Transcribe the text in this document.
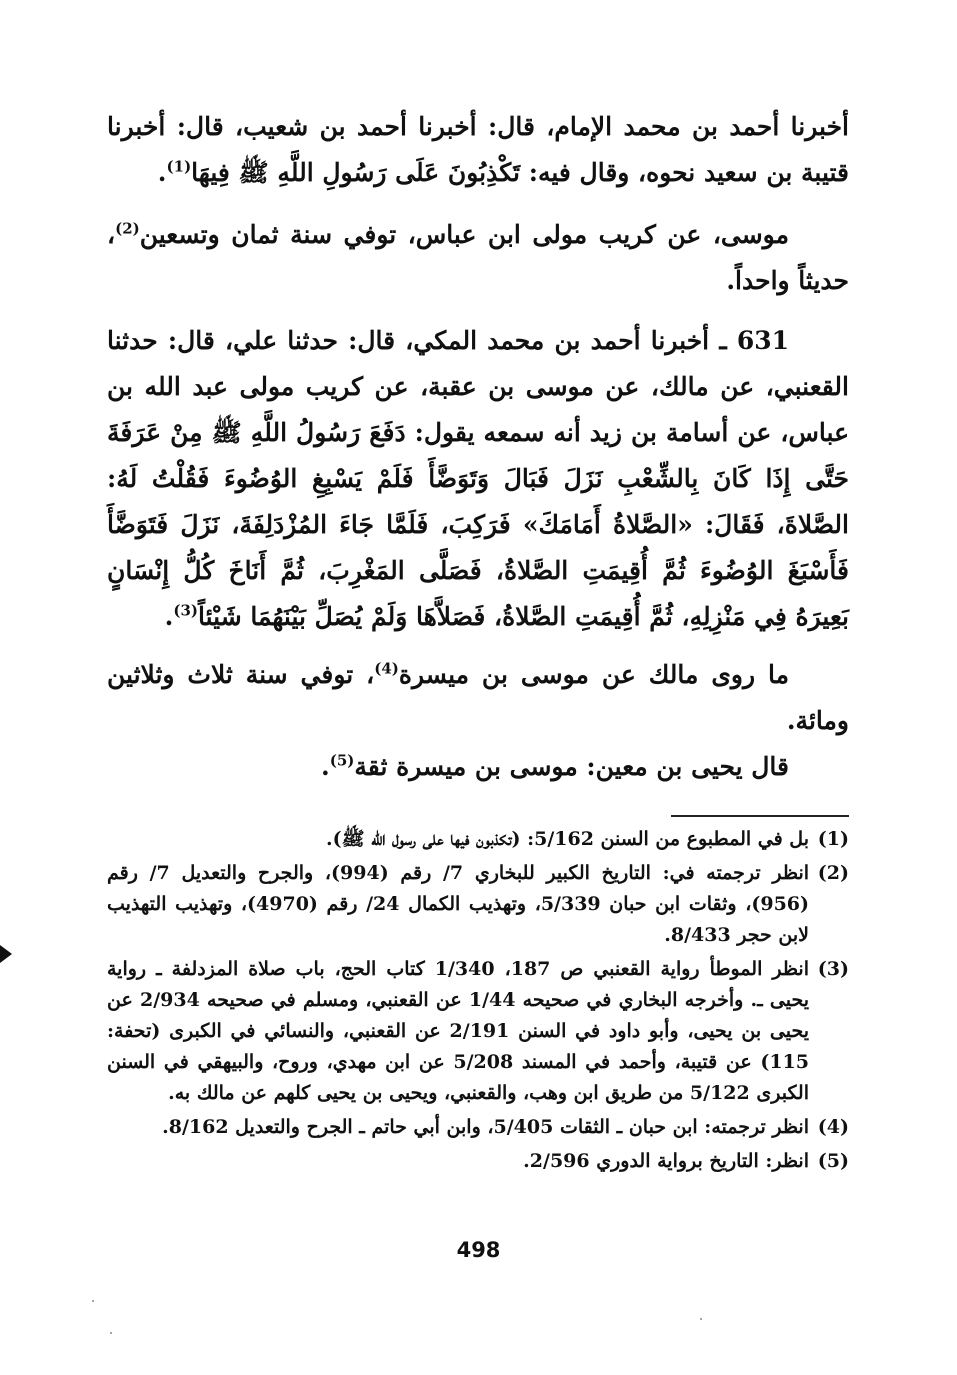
أخبرنا أحمد بن محمد الإمام، قال: أخبرنا أحمد بن شعيب، قال: أخبرنا قتيبة بن سعيد نحوه، وقال فيه: تَكْذِبُونَ عَلَى رَسُولِ اللَّهِ ﷺ فِيهَا$^{(1)}$.

موسى، عن كريب مولى ابن عباس، توفي سنة ثمان وتسعين$^{(2)}$، حديثاً واحداً.

631 ـ أخبرنا أحمد بن محمد المكي، قال: حدثنا علي، قال: حدثنا القعنبي، عن مالك، عن موسى بن عقبة، عن كريب مولى عبد الله بن عباس، عن أسامة بن زيد أنه سمعه يقول: دَفَعَ رَسُولُ اللَّهِ ﷺ مِنْ عَرَفَةَ حَتَّى إِذَا كَانَ بِالشِّعْبِ نَزَلَ فَبَالَ وَتَوَضَّأَ فَلَمْ يَسْبِغِ الوُضُوءَ فَقُلْتُ لَهُ: الصَّلاةَ، فَقَالَ: «الصَّلاةُ أَمَامَكَ» فَرَكِبَ، فَلَمَّا جَاءَ المُزْدَلِفَةَ، نَزَلَ فَتَوَضَّأَ فَأَسْبَغَ الوُضُوءَ ثُمَّ أُقِيمَتِ الصَّلاةُ، فَصَلَّى المَغْرِبَ، ثُمَّ أَنَاخَ كُلُّ إِنْسَانٍ بَعِيرَهُ فِي مَنْزِلِهِ، ثُمَّ أُقِيمَتِ الصَّلاةُ، فَصَلاَّهَا وَلَمْ يُصَلِّ بَيْنَهُمَا شَيْئاً$^{(3)}$.

ما روى مالك عن موسى بن ميسرة$^{(4)}$، توفي سنة ثلاث وثلاثين ومائة.

قال يحيى بن معين: موسى بن ميسرة ثقة$^{(5)}$.

(1)
بل في المطبوع من السنن 5/162: (تكذبون فيها على رسول الله ﷺ).
(2)
انظر ترجمته في: التاريخ الكبير للبخاري 7/ رقم (994)، والجرح والتعديل 7/ رقم (956)، وثقات ابن حبان 5/339، وتهذيب الكمال 24/ رقم (4970)، وتهذيب التهذيب لابن حجر 8/433.
(3)
انظر الموطأ رواية القعنبي ص 187، 1/340 كتاب الحج، باب صلاة المزدلفة ـ رواية يحيى ـ. وأخرجه البخاري في صحيحه 1/44 عن القعنبي، ومسلم في صحيحه 2/934 عن يحيى بن يحيى، وأبو داود في السنن 2/191 عن القعنبي، والنسائي في الكبرى (تحفة: 115) عن قتيبة، وأحمد في المسند 5/208 عن ابن مهدي، وروح، والبيهقي في السنن الكبرى 5/122 من طريق ابن وهب، والقعنبي، ويحيى بن يحيى كلهم عن مالك به.
(4)
انظر ترجمته: ابن حبان ـ الثقات 5/405، وابن أبي حاتم ـ الجرح والتعديل 8/162.
(5)
انظر: التاريخ برواية الدوري 2/596.
498
